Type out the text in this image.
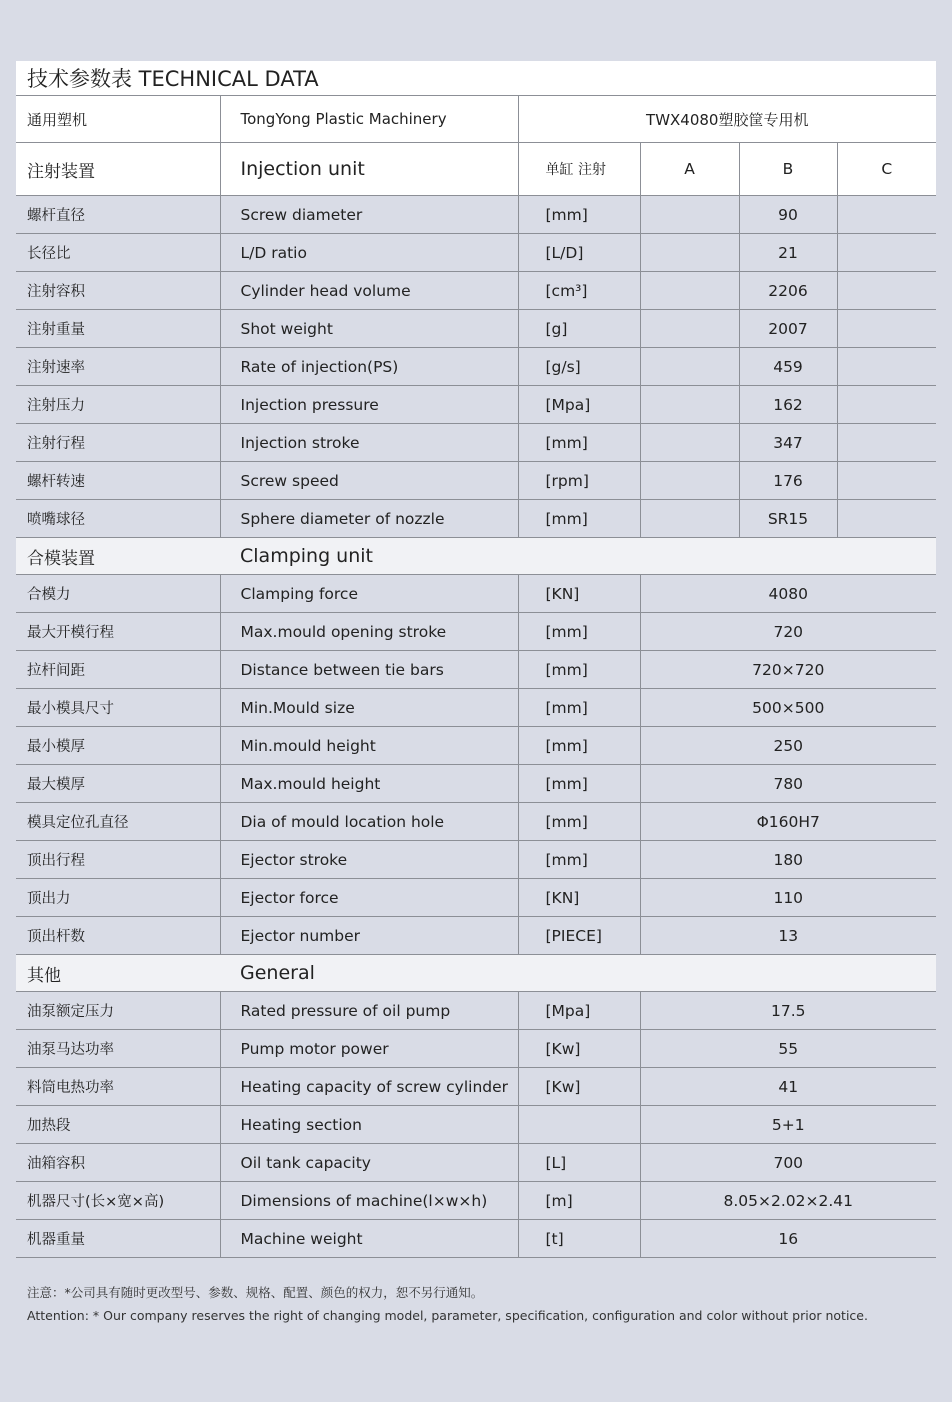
技术参数表 TECHNICAL DATA					
通用塑机	TongYong Plastic Machinery	TWX4080塑胶筐专用机			
注射装置	Injection unit	单缸 注射	A	B	C
螺杆直径	Screw diameter	[mm]		90	
长径比	L/D ratio	[L/D]		21	
注射容积	Cylinder head volume	[cm³]		2206	
注射重量	Shot weight	[g]		2007	
注射速率	Rate of injection(PS)	[g/s]		459	
注射压力	Injection pressure	[Mpa]		162	
注射行程	Injection stroke	[mm]		347	
螺杆转速	Screw speed	[rpm]		176	
喷嘴球径	Sphere diameter of nozzle	[mm]		SR15	
合模装置	Clamping unit				
合模力	Clamping force	[KN]	4080		
最大开模行程	Max.mould opening stroke	[mm]	720		
拉杆间距	Distance between tie bars	[mm]	720×720		
最小模具尺寸	Min.Mould size	[mm]	500×500		
最小模厚	Min.mould height	[mm]	250		
最大模厚	Max.mould height	[mm]	780		
模具定位孔直径	Dia of mould location hole	[mm]	Φ160H7		
顶出行程	Ejector stroke	[mm]	180		
顶出力	Ejector force	[KN]	110		
顶出杆数	Ejector number	[PIECE]	13		
其他	General				
油泵额定压力	Rated pressure of oil pump	[Mpa]	17.5		
油泵马达功率	Pump motor power	[Kw]	55		
料筒电热功率	Heating capacity of screw cylinder	[Kw]	41		
加热段	Heating section		5+1		
油箱容积	Oil tank capacity	[L]	700		
机器尺寸(长×宽×高)	Dimensions of machine(l×w×h)	[m]	8.05×2.02×2.41		
机器重量	Machine weight	[t]	16		

注意：*公司具有随时更改型号、参数、规格、配置、颜色的权力，恕不另行通知。

Attention: * Our company reserves the right of changing model, parameter, specification, configuration and color without prior notice.
